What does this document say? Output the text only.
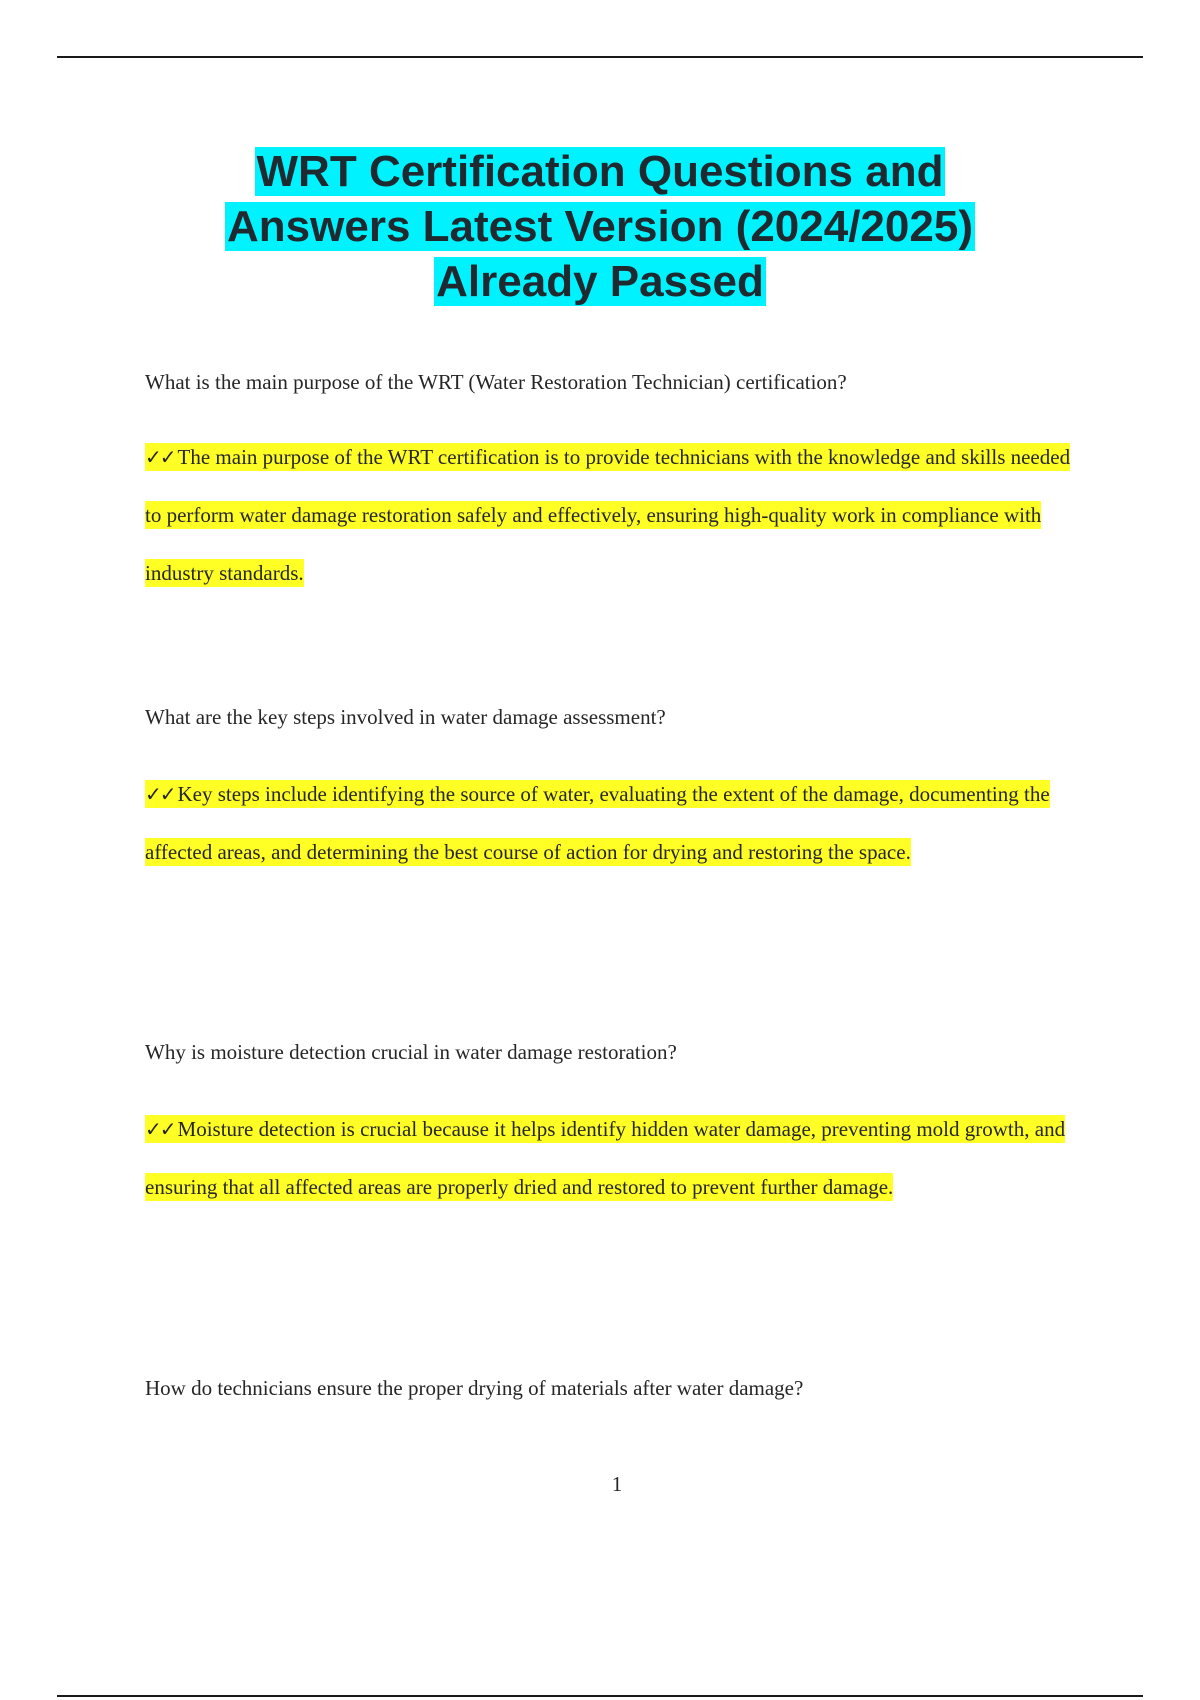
WRT Certification Questions and
Answers Latest Version (2024/2025)
Already Passed
What is the main purpose of the WRT (Water Restoration Technician) certification?
✓✓ The main purpose of the WRT certification is to provide technicians with the knowledge and skills needed to perform water damage restoration safely and effectively, ensuring high-quality work in compliance with industry standards.
What are the key steps involved in water damage assessment?
✓✓ Key steps include identifying the source of water, evaluating the extent of the damage, documenting the affected areas, and determining the best course of action for drying and restoring the space.
Why is moisture detection crucial in water damage restoration?
✓✓ Moisture detection is crucial because it helps identify hidden water damage, preventing mold growth, and ensuring that all affected areas are properly dried and restored to prevent further damage.
How do technicians ensure the proper drying of materials after water damage?
1
